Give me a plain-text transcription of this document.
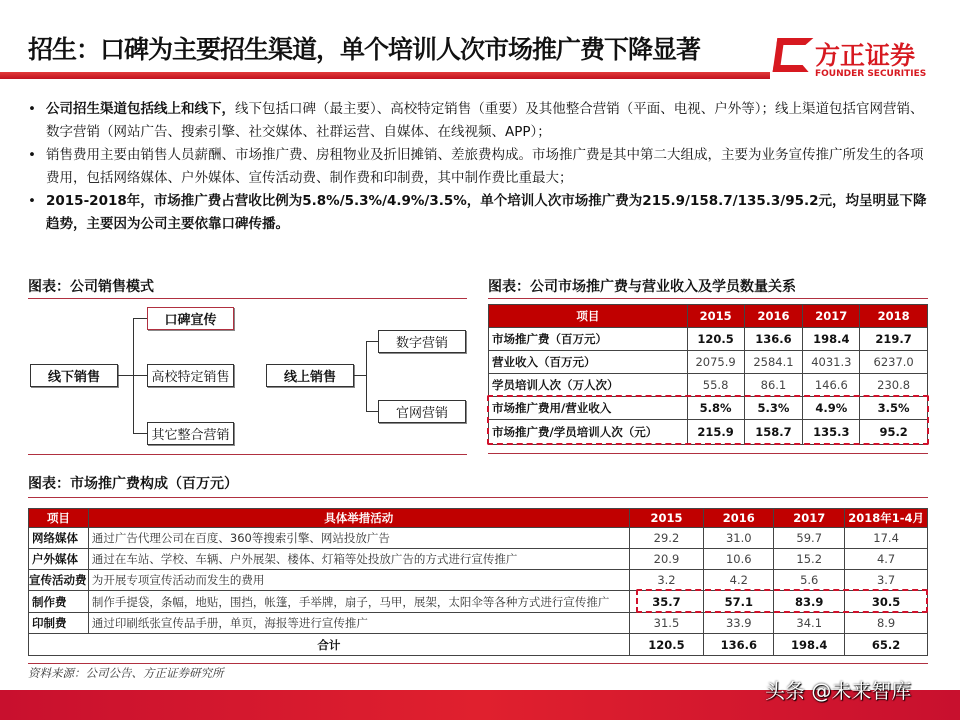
招生：口碑为主要招生渠道，单个培训人次市场推广费下降显著	方正证券
FOUNDER SECURITIES
• 公司招生渠道包括线上和线下，线下包括口碑（最主要）、高校特定销售（重要）及其他整合营销（平面、电视、户外等）；线上渠道包括官网营销、数字营销（网站广告、搜索引擎、社交媒体、社群运营、自媒体、在线视频、APP）；
• 销售费用主要由销售人员薪酬、市场推广费、房租物业及折旧摊销、差旅费构成。市场推广费是其中第二大组成，主要为业务宣传推广所发生的各项费用，包括网络媒体、户外媒体、宣传活动费、制作费和印制费，其中制作费比重最大；
• 2015-2018年，市场推广费占营收比例为5.8%/5.3%/4.9%/3.5%，单个培训人次市场推广费为215.9/158.7/135.3/95.2元，均呈明显下降趋势，主要因为公司主要依靠口碑传播。
图表：公司销售模式
线下销售
口碑宣传
高校特定销售
其它整合营销
线上销售
数字营销
官网营销
图表：公司市场推广费与营业收入及学员数量关系
项目	2015	2016	2017	2018
市场推广费（百万元）	120.5	136.6	198.4	219.7
营业收入（百万元）	2075.9	2584.1	4031.3	6237.0
学员培训人次（万人次）	55.8	86.1	146.6	230.8
市场推广费用/营业收入	5.8%	5.3%	4.9%	3.5%
市场推广费/学员培训人次（元）	215.9	158.7	135.3	95.2
图表：市场推广费构成（百万元）
项目	具体举措活动	2015	2016	2017	2018年1-4月
网络媒体	通过广告代理公司在百度、360等搜索引擎、网站投放广告	29.2	31.0	59.7	17.4
户外媒体	通过在车站、学校、车辆、户外展架、楼体、灯箱等处投放广告的方式进行宣传推广	20.9	10.6	15.2	4.7
宣传活动费	为开展专项宣传活动而发生的费用	3.2	4.2	5.6	3.7
制作费	制作手提袋，条幅，地贴，围挡，帐篷，手举牌，扇子，马甲，展架，太阳伞等各种方式进行宣传推广	35.7	57.1	83.9	30.5
印制费	通过印刷纸张宣传品手册，单页，海报等进行宣传推广	31.5	33.9	34.1	8.9
合计		120.5	136.6	198.4	65.2
资料来源：公司公告、方正证券研究所
头条 @未来智库
